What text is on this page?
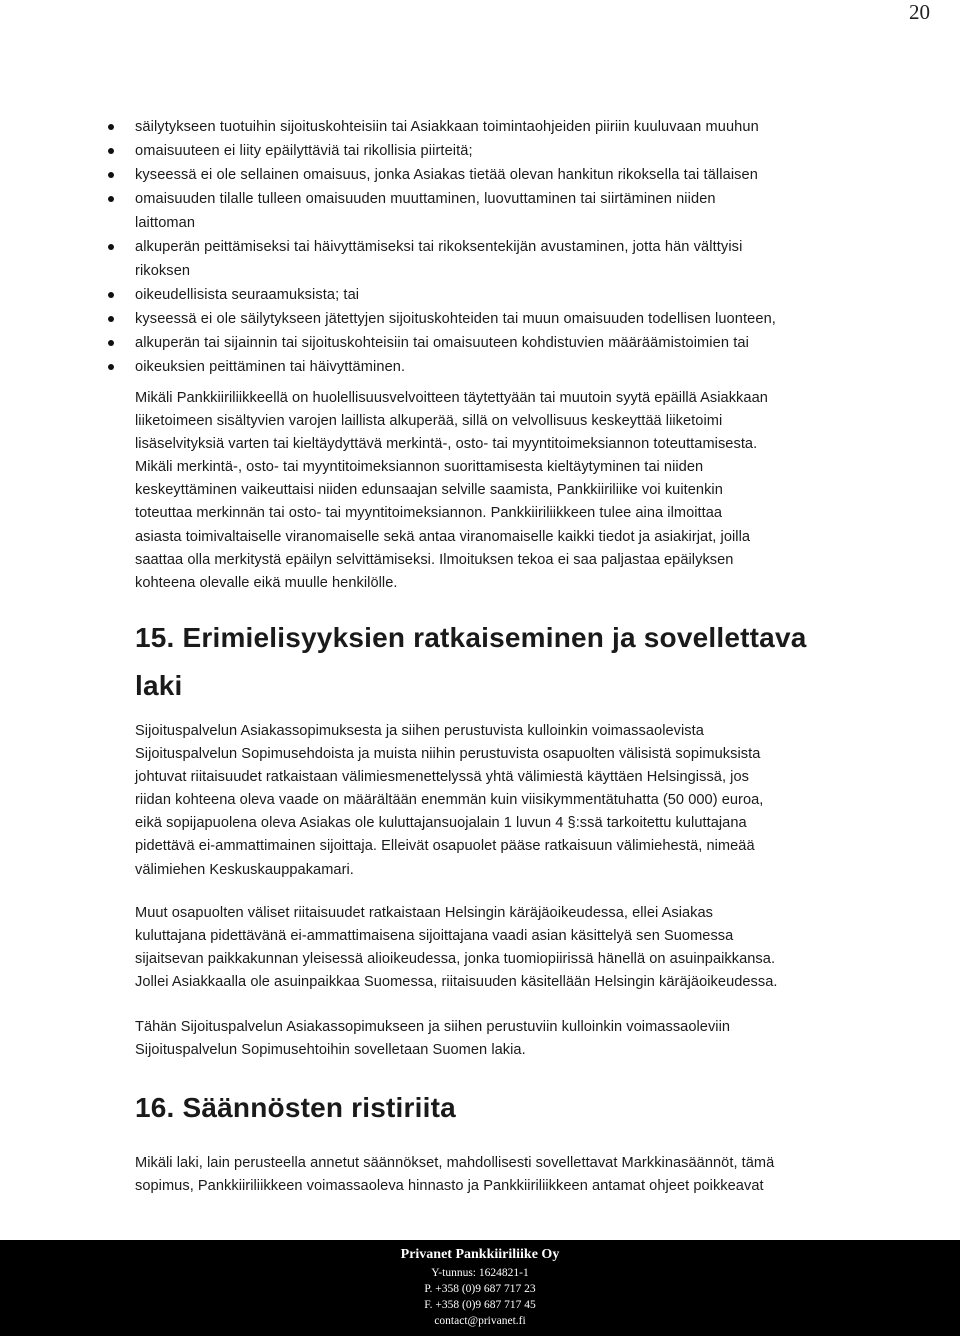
20
säilytykseen tuotuihin sijoituskohteisiin tai Asiakkaan toimintaohjeiden piiriin kuuluvaan muuhun
omaisuuteen ei liity epäilyttäviä tai rikollisia piirteitä;
kyseessä ei ole sellainen omaisuus, jonka Asiakas tietää olevan hankitun rikoksella tai tällaisen
omaisuuden tilalle tulleen omaisuuden muuttaminen, luovuttaminen tai siirtäminen niiden
laittoman
alkuperän peittämiseksi tai häivyttämiseksi tai rikoksentekijän avustaminen, jotta hän välttyisi
rikoksen
oikeudellisista seuraamuksista; tai
kyseessä ei ole säilytykseen jätettyjen sijoituskohteiden tai muun omaisuuden todellisen luonteen,
alkuperän tai sijainnin tai sijoituskohteisiin tai omaisuuteen kohdistuvien määräämistoimien tai
oikeuksien peittäminen tai häivyttäminen.
Mikäli Pankkiiriliikkeellä on huolellisuusvelvoitteen täytettyään tai muutoin syytä epäillä Asiakkaan
liiketoimeen sisältyvien varojen laillista alkuperää, sillä on velvollisuus keskeyttää liiketoimi
lisäselvityksiä varten tai kieltäydyttävä merkintä-, osto- tai myyntitoimeksiannon toteuttamisesta.
Mikäli merkintä-, osto- tai myyntitoimeksiannon suorittamisesta kieltäytyminen tai niiden
keskeyttäminen vaikeuttaisi niiden edunsaajan selville saamista, Pankkiiriliike voi kuitenkin
toteuttaa merkinnän tai osto- tai myyntitoimeksiannon. Pankkiiriliikkeen tulee aina ilmoittaa
asiasta toimivaltaiselle viranomaiselle sekä antaa viranomaiselle kaikki tiedot ja asiakirjat, joilla
saattaa olla merkitystä epäilyn selvittämiseksi. Ilmoituksen tekoa ei saa paljastaa epäilyksen
kohteena olevalle eikä muulle henkilölle.
15. Erimielisyyksien ratkaiseminen ja sovellettava
laki
Sijoituspalvelun Asiakassopimuksesta ja siihen perustuvista kulloinkin voimassaolevista
Sijoituspalvelun Sopimusehdoista ja muista niihin perustuvista osapuolten välisistä sopimuksista
johtuvat riitaisuudet ratkaistaan välimiesmenettelyssä yhtä välimiestä käyttäen Helsingissä, jos
riidan kohteena oleva vaade on määrältään enemmän kuin viisikymmentätuhatta (50 000) euroa,
eikä sopijapuolena oleva Asiakas ole kuluttajansuojalain 1 luvun 4 §:ssä tarkoitettu kuluttajana
pidettävä ei-ammattimainen sijoittaja. Elleivät osapuolet pääse ratkaisuun välimiehestä, nimeää
välimiehen Keskuskauppakamari.
Muut osapuolten väliset riitaisuudet ratkaistaan Helsingin käräjäoikeudessa, ellei Asiakas
kuluttajana pidettävänä ei-ammattimaisena sijoittajana vaadi asian käsittelyä sen Suomessa
sijaitsevan paikkakunnan yleisessä alioikeudessa, jonka tuomiopiirissä hänellä on asuinpaikkansa.
Jollei Asiakkaalla ole asuinpaikkaa Suomessa, riitaisuuden käsitellään Helsingin käräjäoikeudessa.
Tähän Sijoituspalvelun Asiakassopimukseen ja siihen perustuviin kulloinkin voimassaoleviin
Sijoituspalvelun Sopimusehtoihin sovelletaan Suomen lakia.
16. Säännösten ristiriita
Mikäli laki, lain perusteella annetut säännökset, mahdollisesti sovellettavat Markkinasäännöt, tämä
sopimus, Pankkiiriliikkeen voimassaoleva hinnasto ja Pankkiiriliikkeen antamat ohjeet poikkeavat
Privanet Pankkiiriliike Oy
Y-tunnus: 1624821-1
P. +358 (0)9 687 717 23
F. +358 (0)9 687 717 45
contact@privanet.fi
